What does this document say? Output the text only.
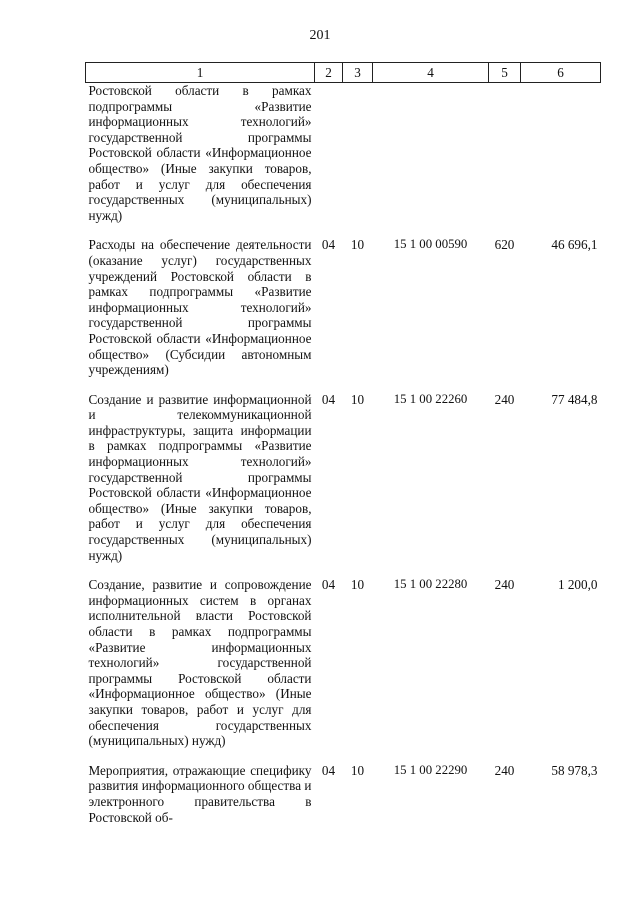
201
1	2	3	4	5	6
Ростовской области в рамках подпрограммы «Развитие информационных технологий» государственной программы Ростовской области «Информационное общество» (Иные закупки товаров, работ и услуг для обеспечения государственных (муниципальных) нужд)					
Расходы на обеспечение деятельности (оказание услуг) государственных учреждений Ростовской области в рамках подпрограммы «Развитие информационных технологий» государственной программы Ростовской области «Информационное общество» (Субсидии автономным учреждениям)	04	10	15 1 00 00590	620	46 696,1
Создание и развитие информационной и телекоммуникационной инфраструктуры, защита информации в рамках подпрограммы «Развитие информационных технологий» государственной программы Ростовской области «Информационное общество» (Иные закупки товаров, работ и услуг для обеспечения государственных (муниципальных) нужд)	04	10	15 1 00 22260	240	77 484,8
Создание, развитие и сопровождение информационных систем в органах исполнительной власти Ростовской области в рамках подпрограммы «Развитие информационных технологий» государственной программы Ростовской области «Информационное общество» (Иные закупки товаров, работ и услуг для обеспечения государственных (муниципальных) нужд)	04	10	15 1 00 22280	240	1 200,0
Мероприятия, отражающие специфику развития информационного общества и электронного правительства в Ростовской об-	04	10	15 1 00 22290	240	58 978,3
